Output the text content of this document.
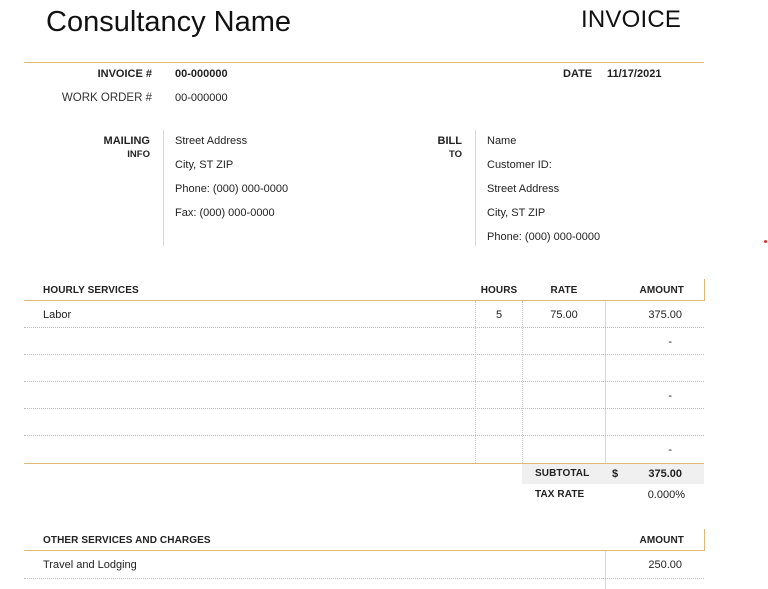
Consultancy Name	INVOICE
INVOICE # 00-000000
WORK ORDER # 00-000000
DATE 11/17/2021
MAILING
INFO
Street Address
City, ST ZIP
Phone: (000) 000-0000
Fax: (000) 000-0000
BILL
TO
Name
Customer ID:
Street Address
City, ST ZIP
Phone: (000) 000-0000
HOURLY SERVICES	HOURS	RATE	AMOUNT
Labor	5	75.00	375.00
-
-
-
SUBTOTAL $	375.00
TAX RATE	0.000%
OTHER SERVICES AND CHARGES	AMOUNT
Travel and Lodging	250.00
